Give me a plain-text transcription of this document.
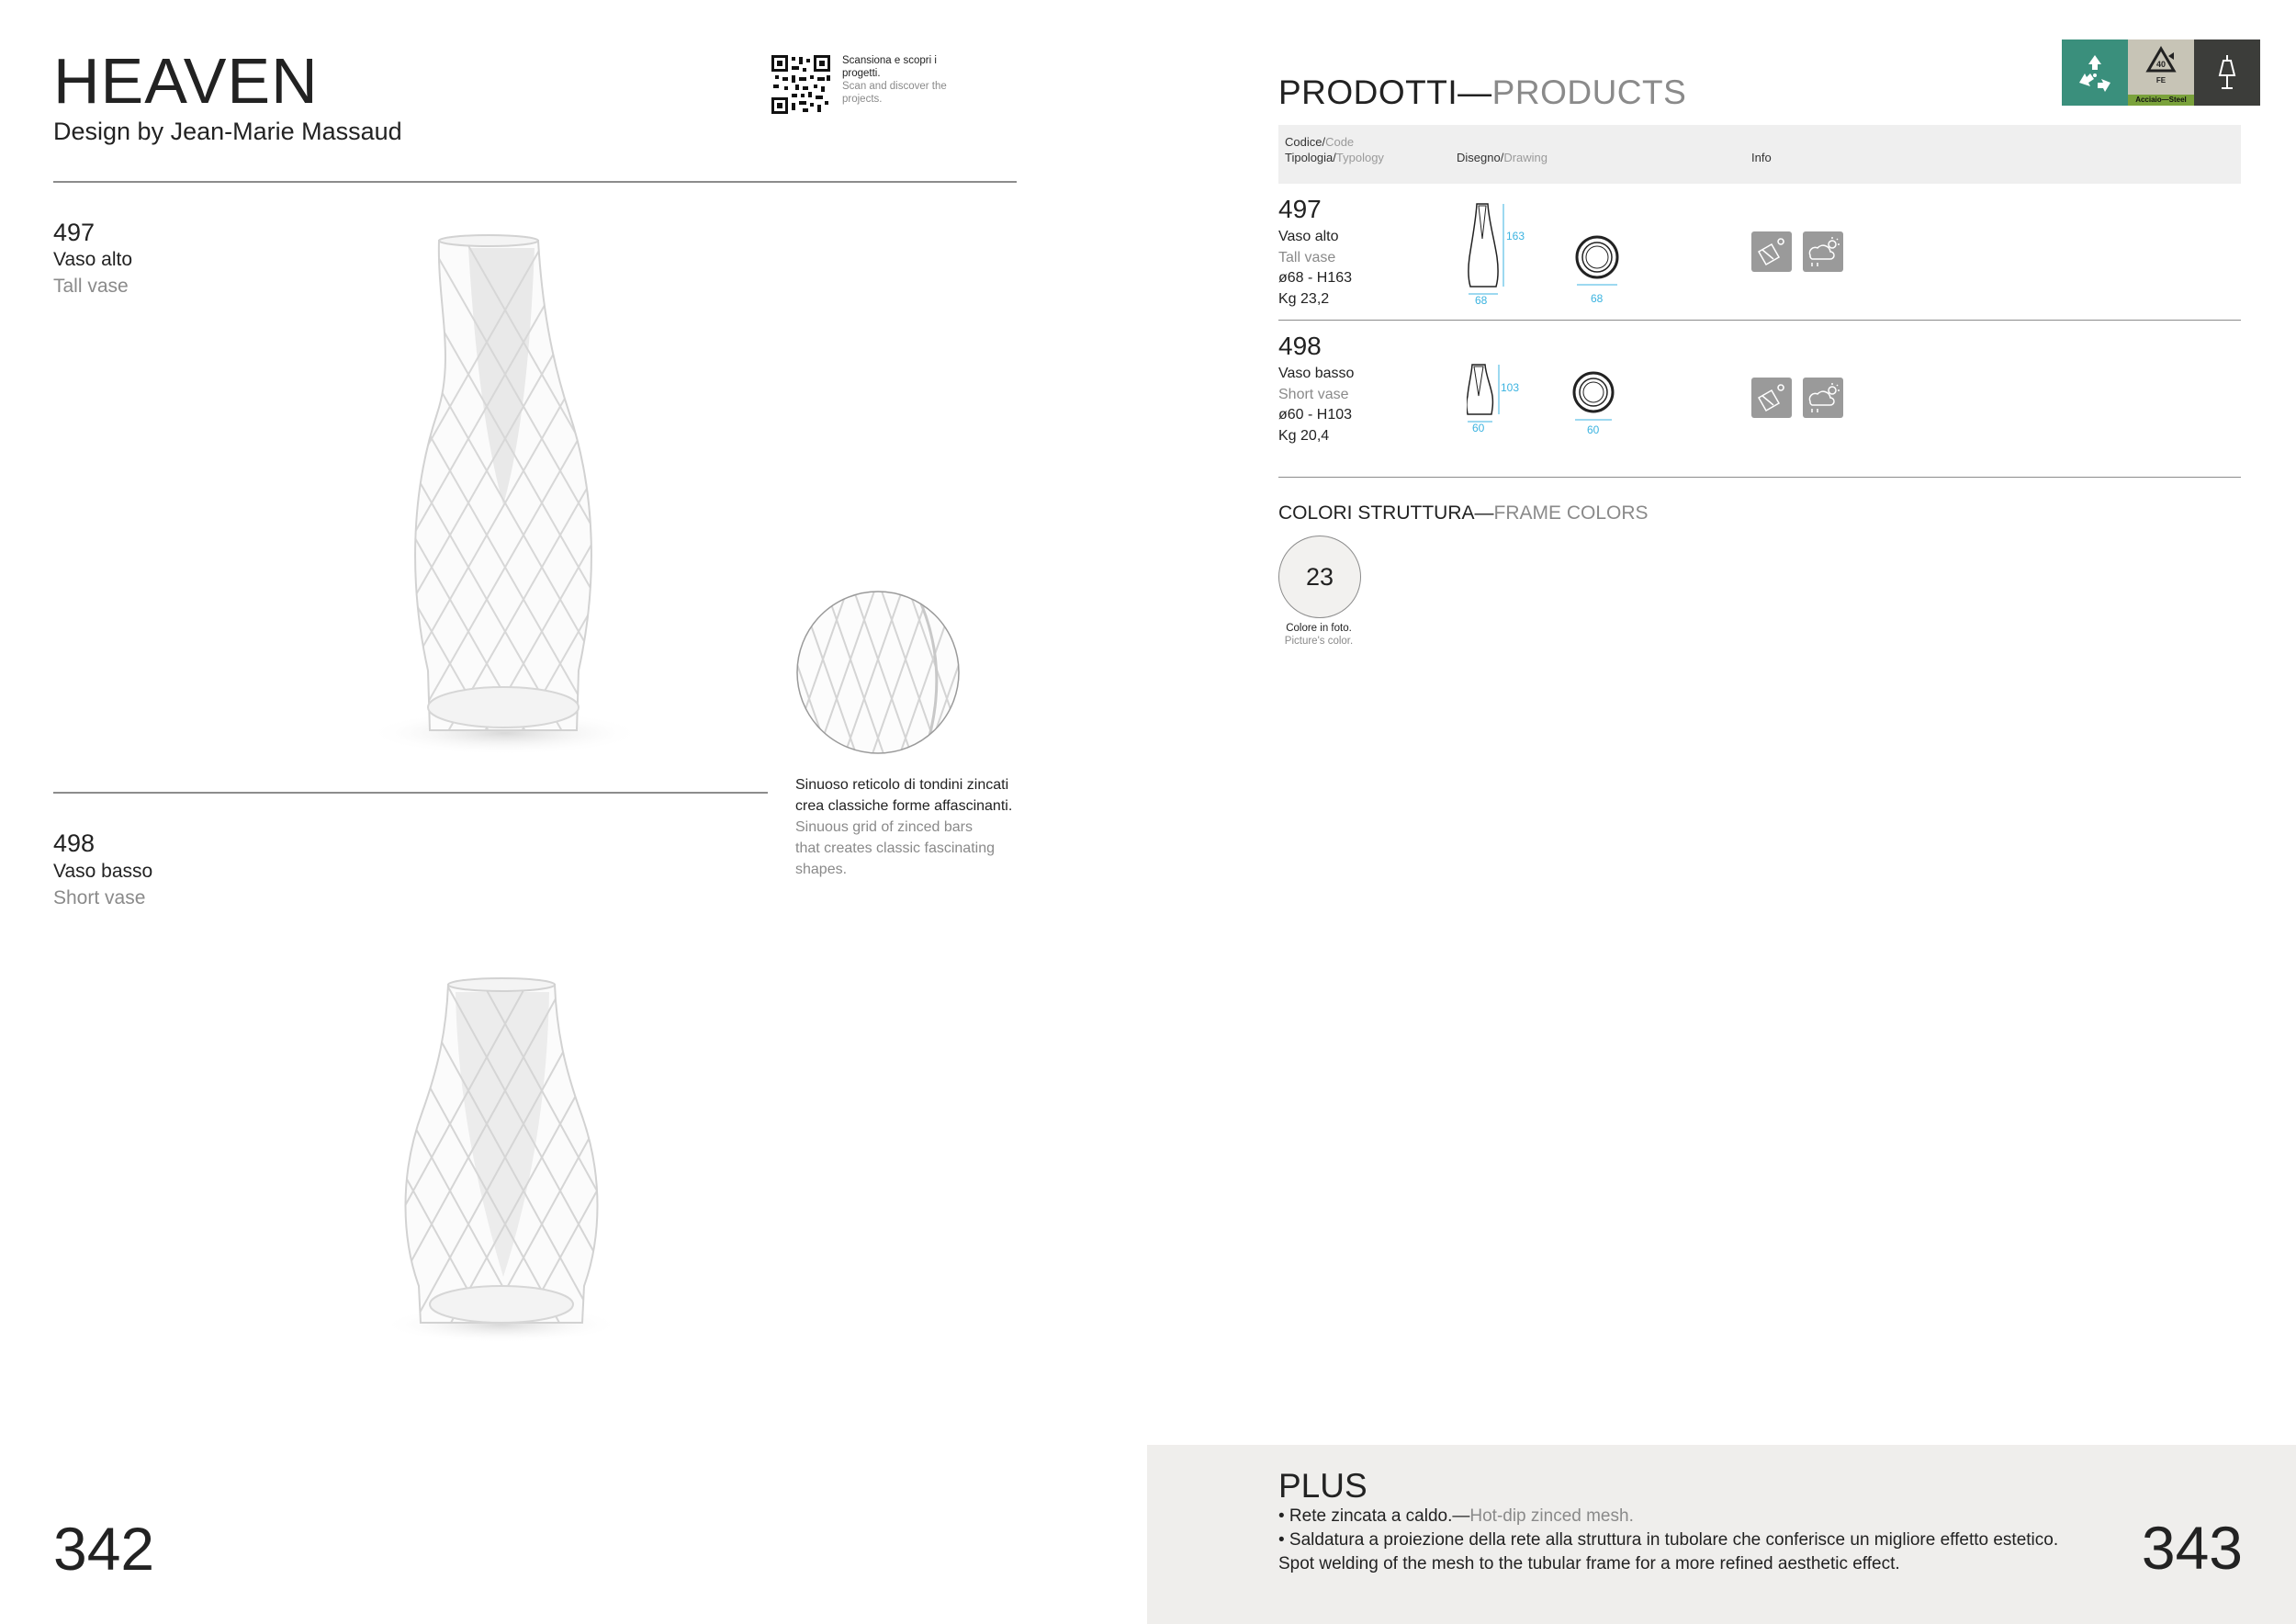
HEAVEN
Design by Jean-Marie Massaud
Scansiona e scopri i progetti.
Scan and discover the projects.
497
Vaso alto
Tall vase
Sinuoso reticolo di tondini zincati
crea classiche forme affascinanti.
Sinuous grid of zinced bars
that creates classic fascinating
shapes.
498
Vaso basso
Short vase
342
PRODOTTI—PRODUCTS
40
FE
Acciaio—Steel
Codice/Code
Tipologia/Typology	Disegno/Drawing	Info
497
Vaso alto
Tall vase
ø68 - H163
Kg 23,2
163
68	68
498
Vaso basso
Short vase
ø60 - H103
Kg 20,4
103
60	60
COLORI STRUTTURA—FRAME COLORS
23
Colore in foto.
Picture's color.
PLUS
• Rete zincata a caldo.—Hot-dip zinced mesh.
• Saldatura a proiezione della rete alla struttura in tubolare che conferisce un migliore effetto estetico.
Spot welding of the mesh to the tubular frame for a more refined aesthetic effect.	343
